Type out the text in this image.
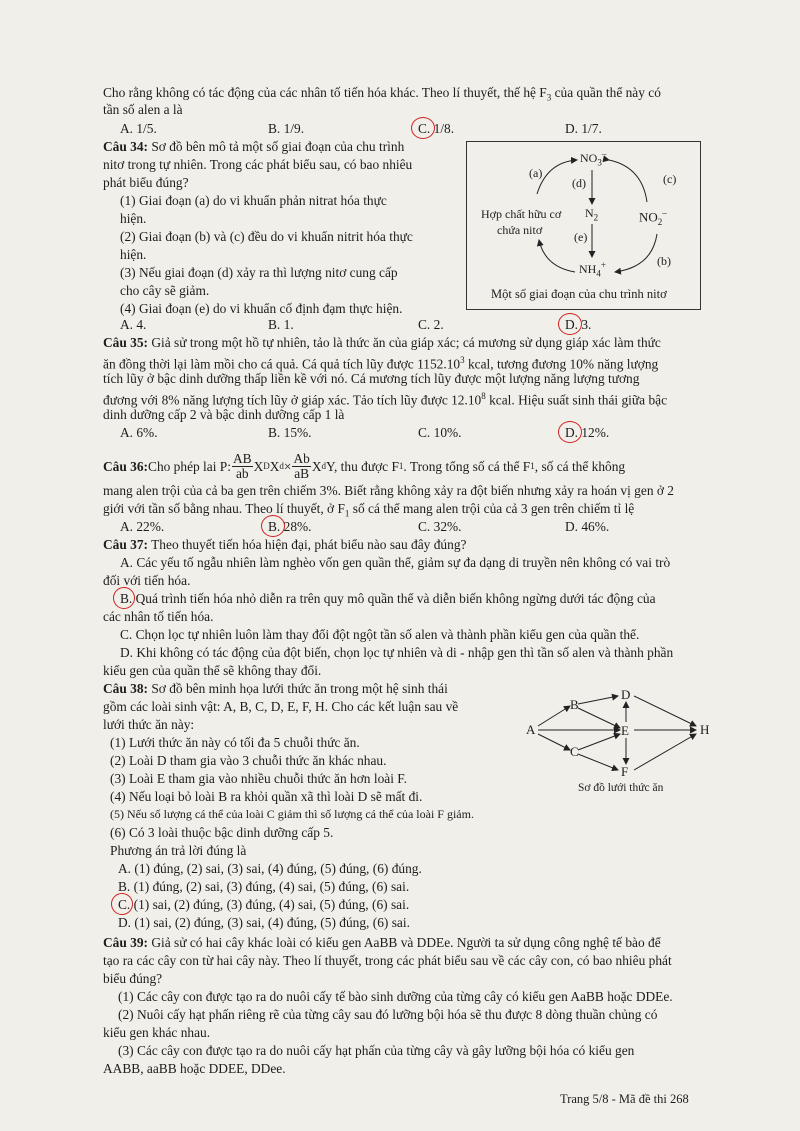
Cho rằng không có tác động của các nhân tố tiến hóa khác. Theo lí thuyết, thế hệ $F_3$ của quần thể này có
tần số alen a là
A. 1/5.	B. 1/9.	C. 1/8.	D. 1/7.
Câu 34: Sơ đồ bên mô tả một số giai đoạn của chu trình
nitơ trong tự nhiên. Trong các phát biểu sau, có bao nhiêu
phát biểu đúng?
(1) Giai đoạn (a) do vi khuẩn phản nitrat hóa thực
hiện.
(2) Giai đoạn (b) và (c) đều do vi khuẩn nitrit hóa thực
hiện.
(3) Nếu giai đoạn (d) xảy ra thì lượng nitơ cung cấp
cho cây sẽ giảm.
(4) Giai đoạn (e) do vi khuẩn cố định đạm thực hiện.
$NO_3^-$
$N_2$	$NO_2^-$
$NH_4^+$
Hợp chất hữu cơ
chứa nitơ
(a)
(b)
(c)
(d)
(e)
Một số giai đoạn của chu trình nitơ
A. 4.	B. 1.	C. 2.	D. 3.
Câu 35: Giả sử trong một hồ tự nhiên, tảo là thức ăn của giáp xác; cá mương sử dụng giáp xác làm thức
ăn đồng thời lại làm mồi cho cá quả. Cá quả tích lũy được 1152.10$^3$ kcal, tương đương 10% năng lượng
tích lũy ở bậc dinh dưỡng thấp liền kề với nó. Cá mương tích lũy được một lượng năng lượng tương
đương với 8% năng lượng tích lũy ở giáp xác. Tảo tích lũy được 12.10$^8$ kcal. Hiệu suất sinh thái giữa bậc
dinh dưỡng cấp 2 và bậc dinh dưỡng cấp 1 là
A. 6%.	B. 15%.	C. 10%.	D. 12%.
Câu 36: Cho phép lai P:
AB
ab X D X $d \times \frac{Ab}{aB}$ X d Y, thu được F 1 . Trong tổng số cá thể F 1 , số cá thể không
mang alen trội của cả ba gen trên chiếm 3%. Biết rằng không xảy ra đột biến nhưng xảy ra hoán vị gen ở 2
giới với tần số bằng nhau. Theo lí thuyết, ở $F_1$ số cá thể mang alen trội của cả 3 gen trên chiếm tỉ lệ
A. 22%.	B. 28%.	C. 32%.	D. 46%.
Câu 37: Theo thuyết tiến hóa hiện đại, phát biểu nào sau đây đúng?
A. Các yếu tố ngẫu nhiên làm nghèo vốn gen quần thể, giảm sự đa dạng di truyền nên không có vai trò
đối với tiến hóa.
B. Quá trình tiến hóa nhỏ diễn ra trên quy mô quần thể và diễn biến không ngừng dưới tác động của
các nhân tố tiến hóa.
C. Chọn lọc tự nhiên luôn làm thay đổi đột ngột tần số alen và thành phần kiểu gen của quần thể.
D. Khi không có tác động của đột biến, chọn lọc tự nhiên và di - nhập gen thì tần số alen và thành phần
kiểu gen của quần thể sẽ không thay đổi.
Câu 38: Sơ đồ bên minh họa lưới thức ăn trong một hệ sinh thái
gồm các loài sinh vật: A, B, C, D, E, F, H. Cho các kết luận sau về
lưới thức ăn này:
(1) Lưới thức ăn này có tối đa 5 chuỗi thức ăn.
(2) Loài D tham gia vào 3 chuỗi thức ăn khác nhau.
(3) Loài E tham gia vào nhiều chuỗi thức ăn hơn loài F.
(4) Nếu loại bỏ loài B ra khỏi quần xã thì loài D sẽ mất đi.
(5) Nếu số lượng cá thể của loài C giảm thì số lượng cá thể của loài F giảm.
(6) Có 3 loài thuộc bậc dinh dưỡng cấp 5.
Phương án trả lời đúng là
A. (1) đúng, (2) sai, (3) sai, (4) đúng, (5) đúng, (6) đúng.
B. (1) đúng, (2) sai, (3) đúng, (4) sai, (5) đúng, (6) sai.
C. (1) sai, (2) đúng, (3) đúng, (4) sai, (5) đúng, (6) sai.
D. (1) sai, (2) đúng, (3) sai, (4) đúng, (5) đúng, (6) sai.
A
B
C
D
E
F
H
Sơ đồ lưới thức ăn
Câu 39: Giả sử có hai cây khác loài có kiểu gen AaBB và DDEe. Người ta sử dụng công nghệ tế bào để
tạo ra các cây con từ hai cây này. Theo lí thuyết, trong các phát biểu sau về các cây con, có bao nhiêu phát
biểu đúng?
(1) Các cây con được tạo ra do nuôi cấy tế bào sinh dưỡng của từng cây có kiểu gen AaBB hoặc DDEe.
(2) Nuôi cấy hạt phấn riêng rẽ của từng cây sau đó lưỡng bội hóa sẽ thu được 8 dòng thuần chủng có
kiểu gen khác nhau.
(3) Các cây con được tạo ra do nuôi cấy hạt phấn của từng cây và gây lưỡng bội hóa có kiểu gen
AABB, aaBB hoặc DDEE, DDee.
Trang 5/8 - Mã đề thi 268
